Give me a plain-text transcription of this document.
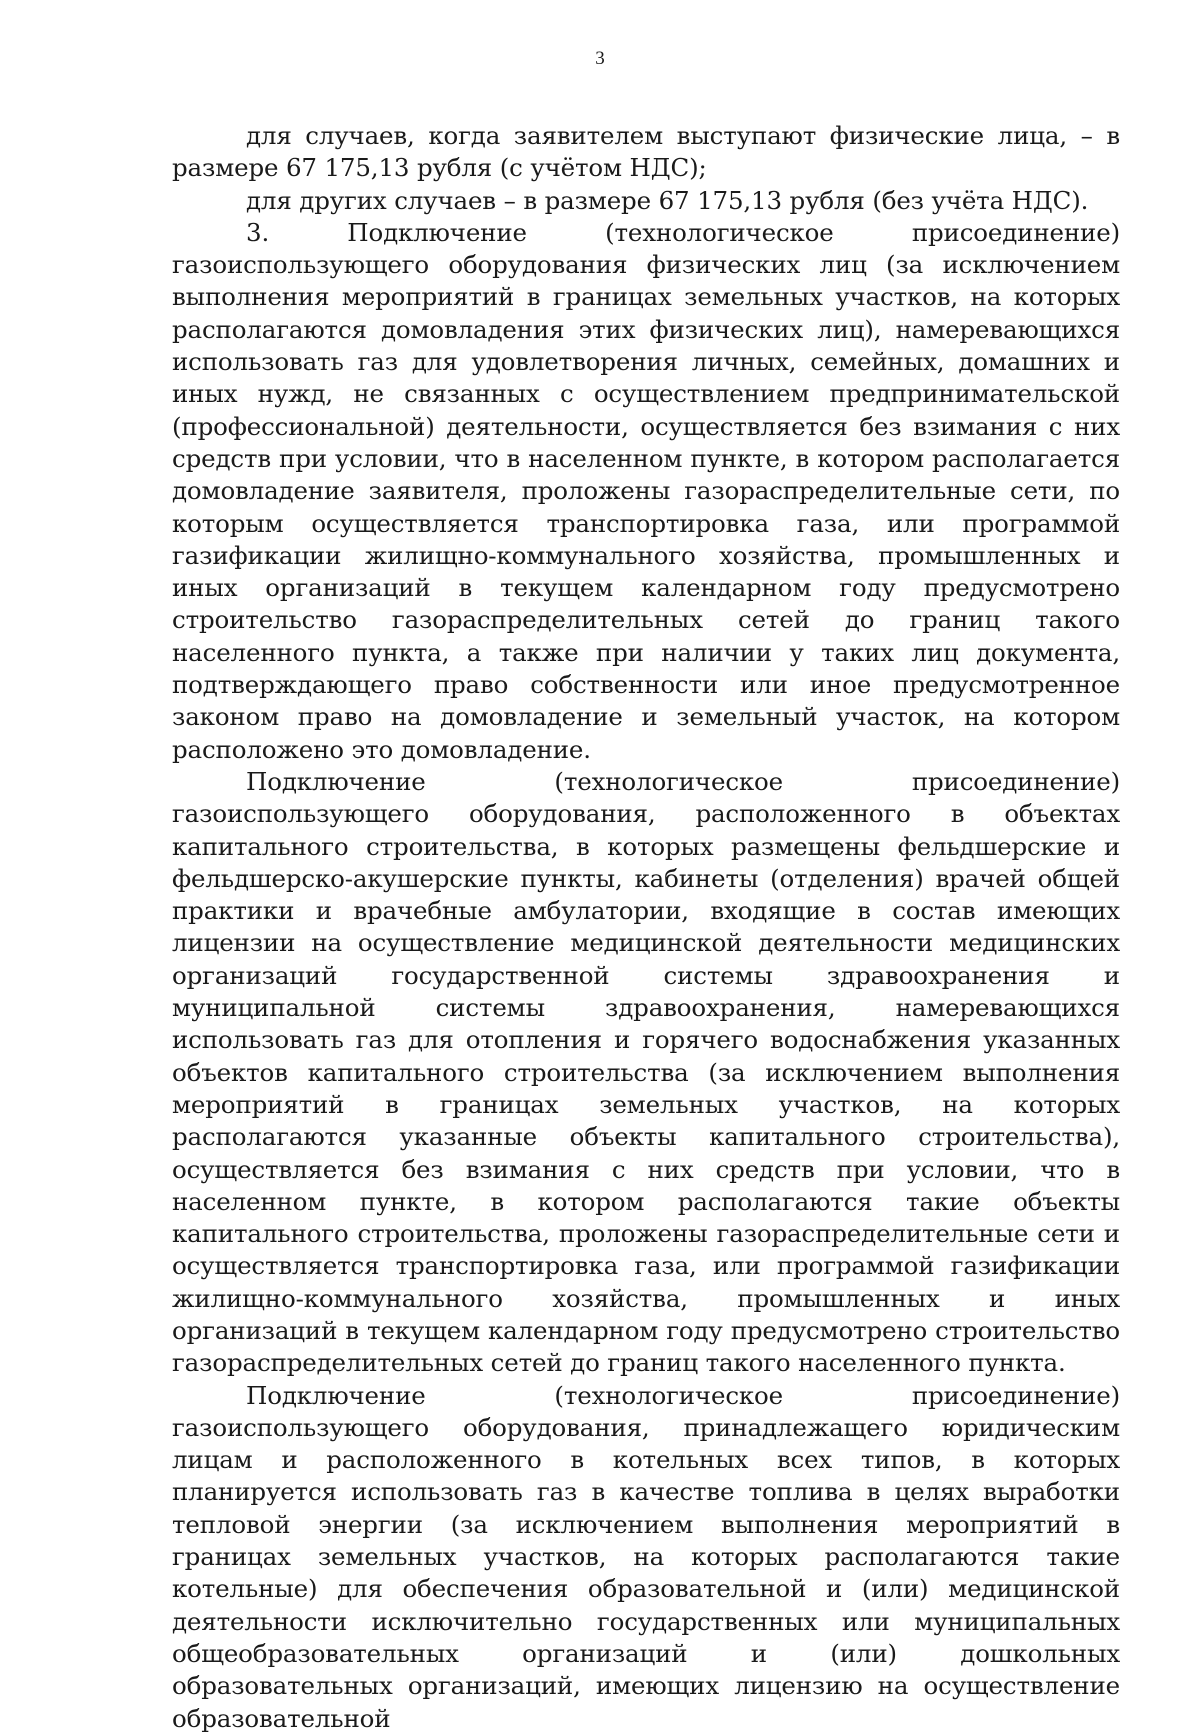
3

для случаев, когда заявителем выступают физические лица, – в размере 67 175,13 рубля (с учётом НДС);

для других случаев – в размере 67 175,13 рубля (без учёта НДС).

3. Подключение (технологическое присоединение) газоиспользующего оборудования физических лиц (за исключением выполнения мероприятий в границах земельных участков, на которых располагаются домовладения этих физических лиц), намеревающихся использовать газ для удовлетворения личных, семейных, домашних и иных нужд, не связанных с осуществлением предпринимательской (профессиональной) деятельности, осуществляется без взимания с них средств при условии, что в населенном пункте, в котором располагается домовладение заявителя, проложены газораспределительные сети, по которым осуществляется транспортировка газа, или программой газификации жилищно-коммунального хозяйства, промышленных и иных организаций в текущем календарном году предусмотрено строительство газораспределительных сетей до границ такого населенного пункта, а также при наличии у таких лиц документа, подтверждающего право собственности или иное предусмотренное законом право на домовладение и земельный участок, на котором расположено это домовладение.

Подключение (технологическое присоединение) газоиспользующего оборудования, расположенного в объектах капитального строительства, в которых размещены фельдшерские и фельдшерско-акушерские пункты, кабинеты (отделения) врачей общей практики и врачебные амбулатории, входящие в состав имеющих лицензии на осуществление медицинской деятельности медицинских организаций государственной системы здравоохранения и муниципальной системы здравоохранения, намеревающихся использовать газ для отопления и горячего водоснабжения указанных объектов капитального строительства (за исключением выполнения мероприятий в границах земельных участков, на которых располагаются указанные объекты капитального строительства), осуществляется без взимания с них средств при условии, что в населенном пункте, в котором располагаются такие объекты капитального строительства, проложены газораспределительные сети и осуществляется транспортировка газа, или программой газификации жилищно-коммунального хозяйства, промышленных и иных организаций в текущем календарном году предусмотрено строительство газораспределительных сетей до границ такого населенного пункта.

Подключение (технологическое присоединение) газоиспользующего оборудования, принадлежащего юридическим лицам и расположенного в котельных всех типов, в которых планируется использовать газ в качестве топлива в целях выработки тепловой энергии (за исключением выполнения мероприятий в границах земельных участков, на которых располагаются такие котельные) для обеспечения образовательной и (или) медицинской деятельности исключительно государственных или муниципальных общеобразовательных организаций и (или) дошкольных образовательных организаций, имеющих лицензию на осуществление образовательной
